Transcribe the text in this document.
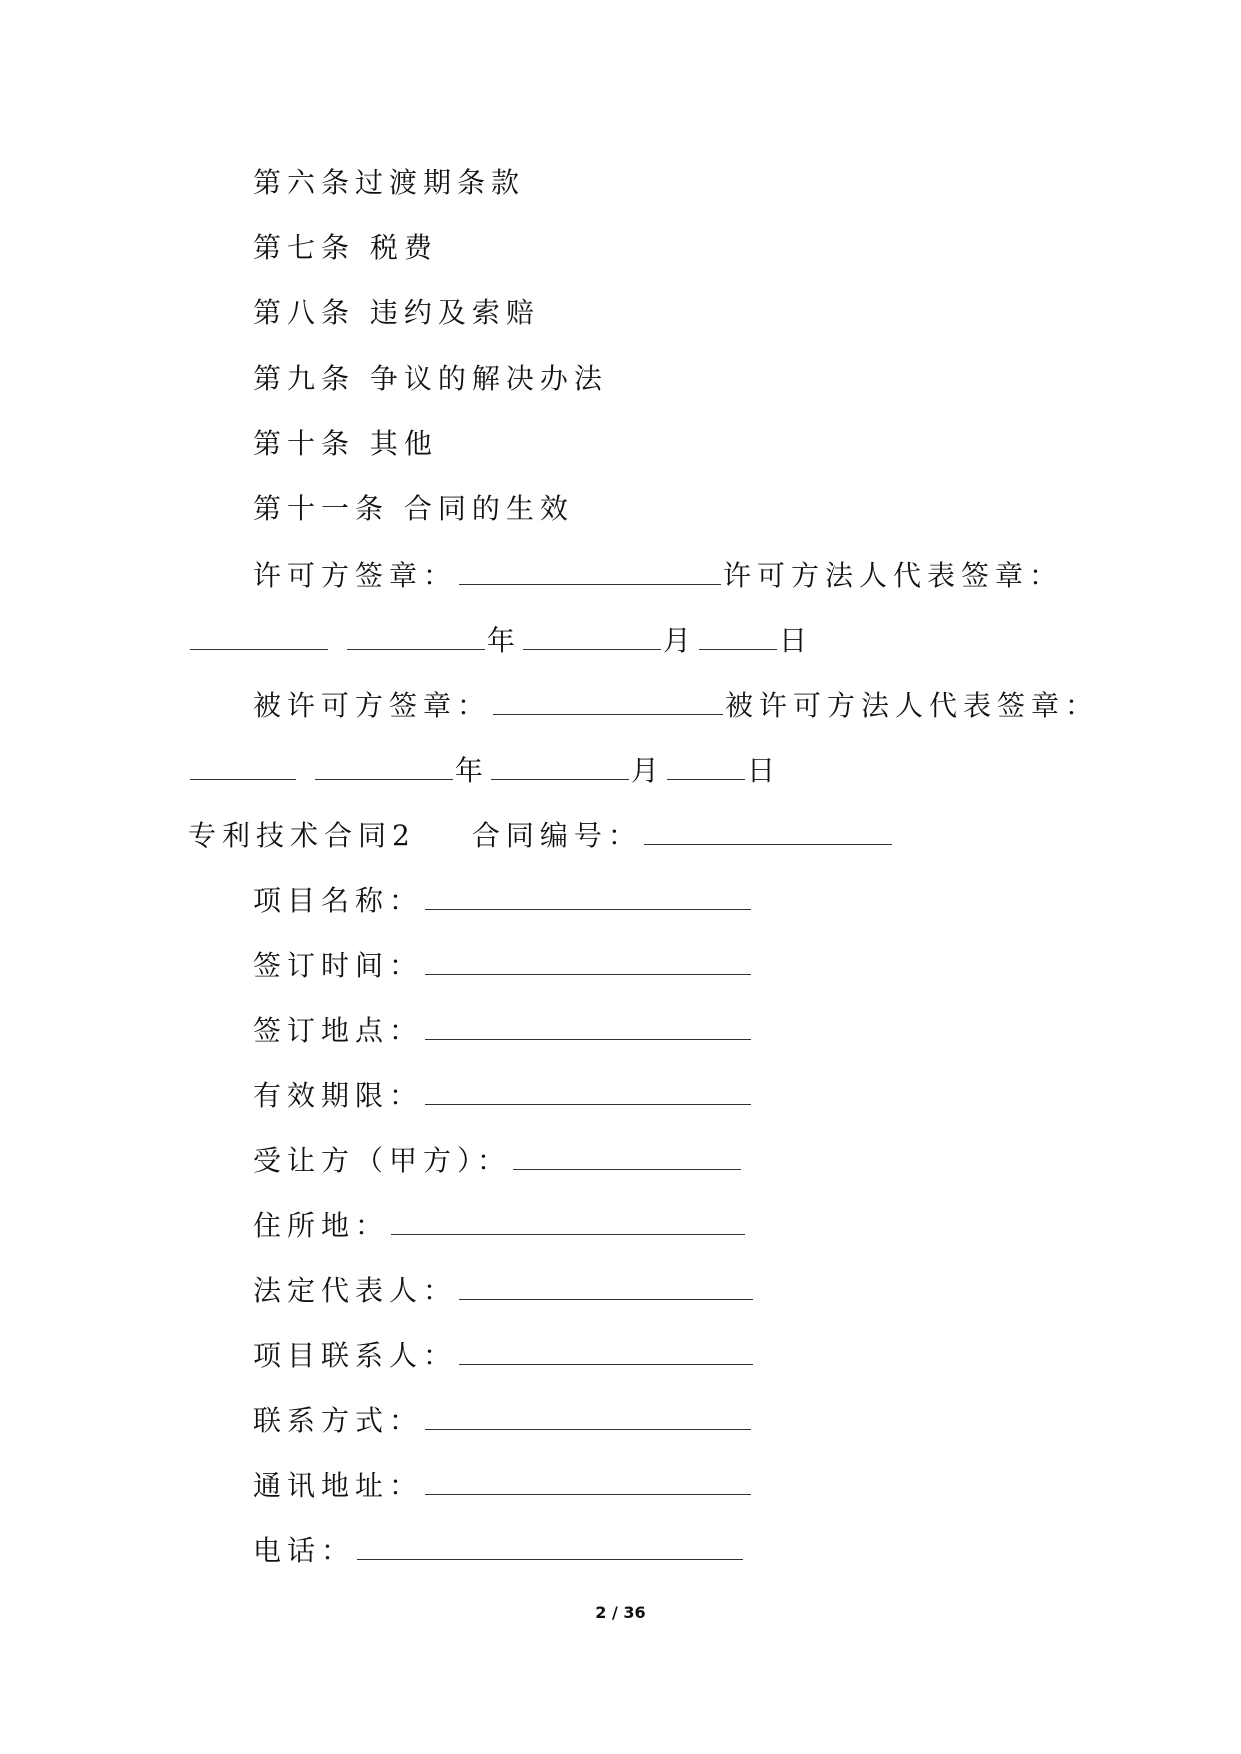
第六条过渡期条款
第七条 税费
第八条 违约及索赔
第九条 争议的解决办法
第十条 其他
第十一条 合同的生效
许可方签章：	许可方法人代表签章：
年	月	日
被许可方签章：	被许可方法人代表签章：
年	月	日
专利技术合同2 合同编号：
项目名称：
签订时间：
签订地点：
有效期限：
受让方（甲方）：
住所地：
法定代表人：
项目联系人：
联系方式：
通讯地址：
电话：
2 / 36
